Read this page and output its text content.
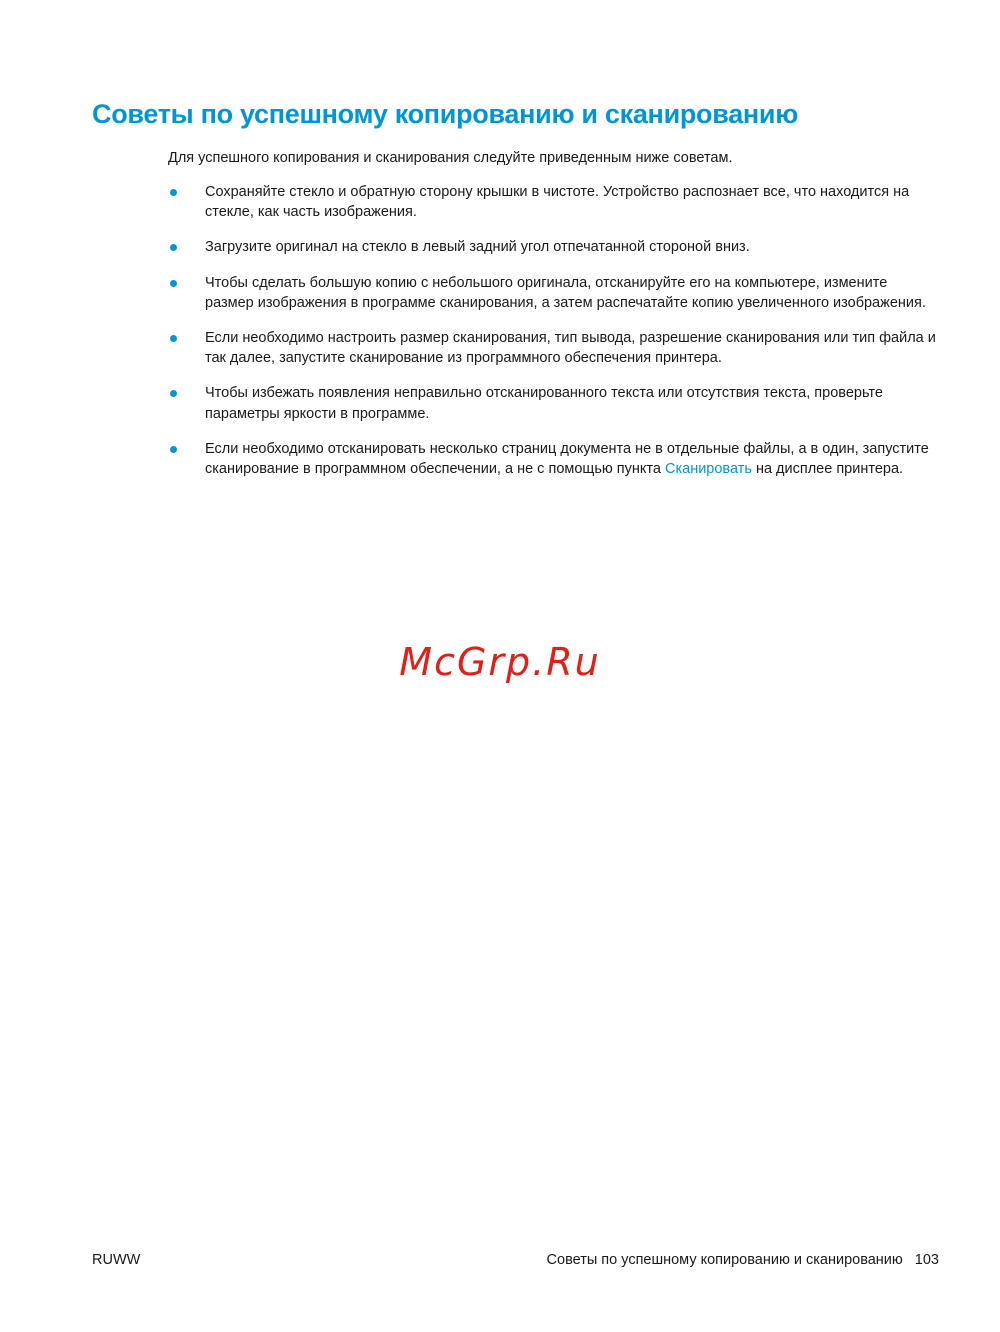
Советы по успешному копированию и сканированию

Для успешного копирования и сканирования следуйте приведенным ниже советам.

Сохраняйте стекло и обратную сторону крышки в чистоте. Устройство распознает все, что находится на стекле, как часть изображения.
Загрузите оригинал на стекло в левый задний угол отпечатанной стороной вниз.
Чтобы сделать большую копию с небольшого оригинала, отсканируйте его на компьютере, измените размер изображения в программе сканирования, а затем распечатайте копию увеличенного изображения.
Если необходимо настроить размер сканирования, тип вывода, разрешение сканирования или тип файла и так далее, запустите сканирование из программного обеспечения принтера.
Чтобы избежать появления неправильно отсканированного текста или отсутствия текста, проверьте параметры яркости в программе.
Если необходимо отсканировать несколько страниц документа не в отдельные файлы, а в один, запустите сканирование в программном обеспечении, а не с помощью пункта Сканировать на дисплее принтера.
McGrp.Ru
RUWW	Советы по успешному копированию и сканированию 103
